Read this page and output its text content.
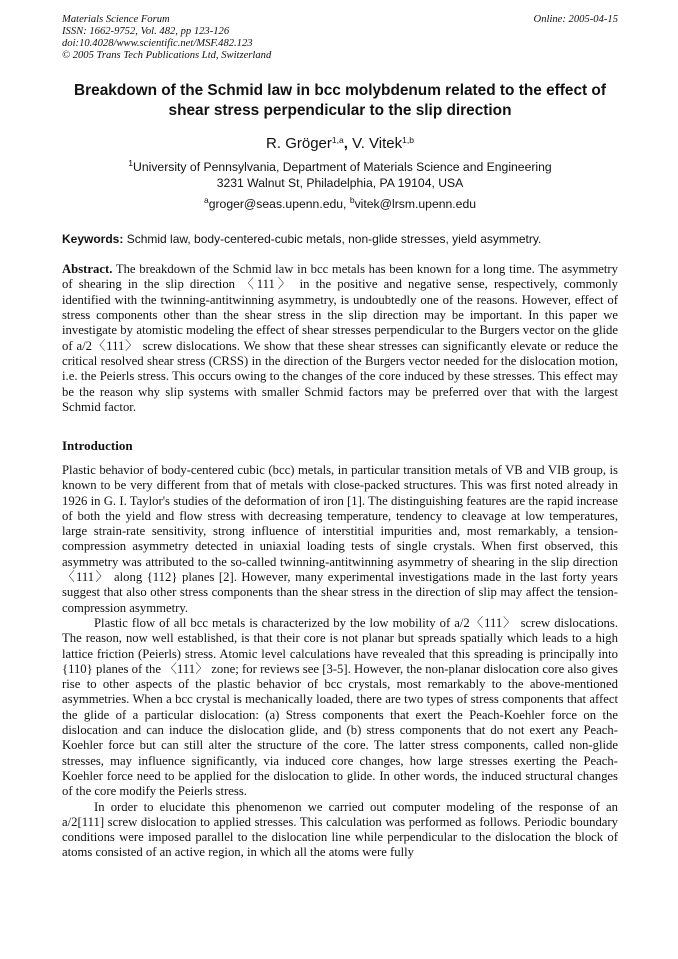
Materials Science Forum
ISSN: 1662-9752, Vol. 482, pp 123-126
doi:10.4028/www.scientific.net/MSF.482.123
© 2005 Trans Tech Publications Ltd, Switzerland
Online: 2005-04-15
Breakdown of the Schmid law in bcc molybdenum related to the effect of shear stress perpendicular to the slip direction
R. Gröger$^{1,a}$, V. Vitek$^{1,b}$
$^1$University of Pennsylvania, Department of Materials Science and Engineering
3231 Walnut St, Philadelphia, PA 19104, USA
$^a$groger@seas.upenn.edu, $^b$vitek@lrsm.upenn.edu
Keywords: Schmid law, body-centered-cubic metals, non-glide stresses, yield asymmetry.
Abstract. The breakdown of the Schmid law in bcc metals has been known for a long time. The asymmetry of shearing in the slip direction 〈111〉 in the positive and negative sense, respectively, commonly identified with the twinning-antitwinning asymmetry, is undoubtedly one of the reasons. However, effect of stress components other than the shear stress in the slip direction may be important. In this paper we investigate by atomistic modeling the effect of shear stresses perpendicular to the Burgers vector on the glide of a/2〈111〉 screw dislocations. We show that these shear stresses can significantly elevate or reduce the critical resolved shear stress (CRSS) in the direction of the Burgers vector needed for the dislocation motion, i.e. the Peierls stress. This occurs owing to the changes of the core induced by these stresses. This effect may be the reason why slip systems with smaller Schmid factors may be preferred over that with the largest Schmid factor.
Introduction

Plastic behavior of body-centered cubic (bcc) metals, in particular transition metals of VB and VIB group, is known to be very different from that of metals with close-packed structures. This was first noted already in 1926 in G. I. Taylor's studies of the deformation of iron [1]. The distinguishing features are the rapid increase of both the yield and flow stress with decreasing temperature, tendency to cleavage at low temperatures, large strain-rate sensitivity, strong influence of interstitial impurities and, most remarkably, a tension-compression asymmetry detected in uniaxial loading tests of single crystals. When first observed, this asymmetry was attributed to the so-called twinning-antitwinning asymmetry of shearing in the slip direction 〈111〉 along {112} planes [2]. However, many experimental investigations made in the last forty years suggest that also other stress components than the shear stress in the direction of slip may affect the tension-compression asymmetry.

Plastic flow of all bcc metals is characterized by the low mobility of a/2〈111〉 screw dislocations. The reason, now well established, is that their core is not planar but spreads spatially which leads to a high lattice friction (Peierls) stress. Atomic level calculations have revealed that this spreading is principally into {110} planes of the 〈111〉 zone; for reviews see [3-5]. However, the non-planar dislocation core also gives rise to other aspects of the plastic behavior of bcc crystals, most remarkably to the above-mentioned asymmetries. When a bcc crystal is mechanically loaded, there are two types of stress components that affect the glide of a particular dislocation: (a) Stress components that exert the Peach-Koehler force on the dislocation and can induce the dislocation glide, and (b) stress components that do not exert any Peach-Koehler force but can still alter the structure of the core. The latter stress components, called non-glide stresses, may influence significantly, via induced core changes, how large stresses exerting the Peach-Koehler force need to be applied for the dislocation to glide. In other words, the induced structural changes of the core modify the Peierls stress.

In order to elucidate this phenomenon we carried out computer modeling of the response of an a/2[111] screw dislocation to applied stresses. This calculation was performed as follows. Periodic boundary conditions were imposed parallel to the dislocation line while perpendicular to the dislocation the block of atoms consisted of an active region, in which all the atoms were fully
